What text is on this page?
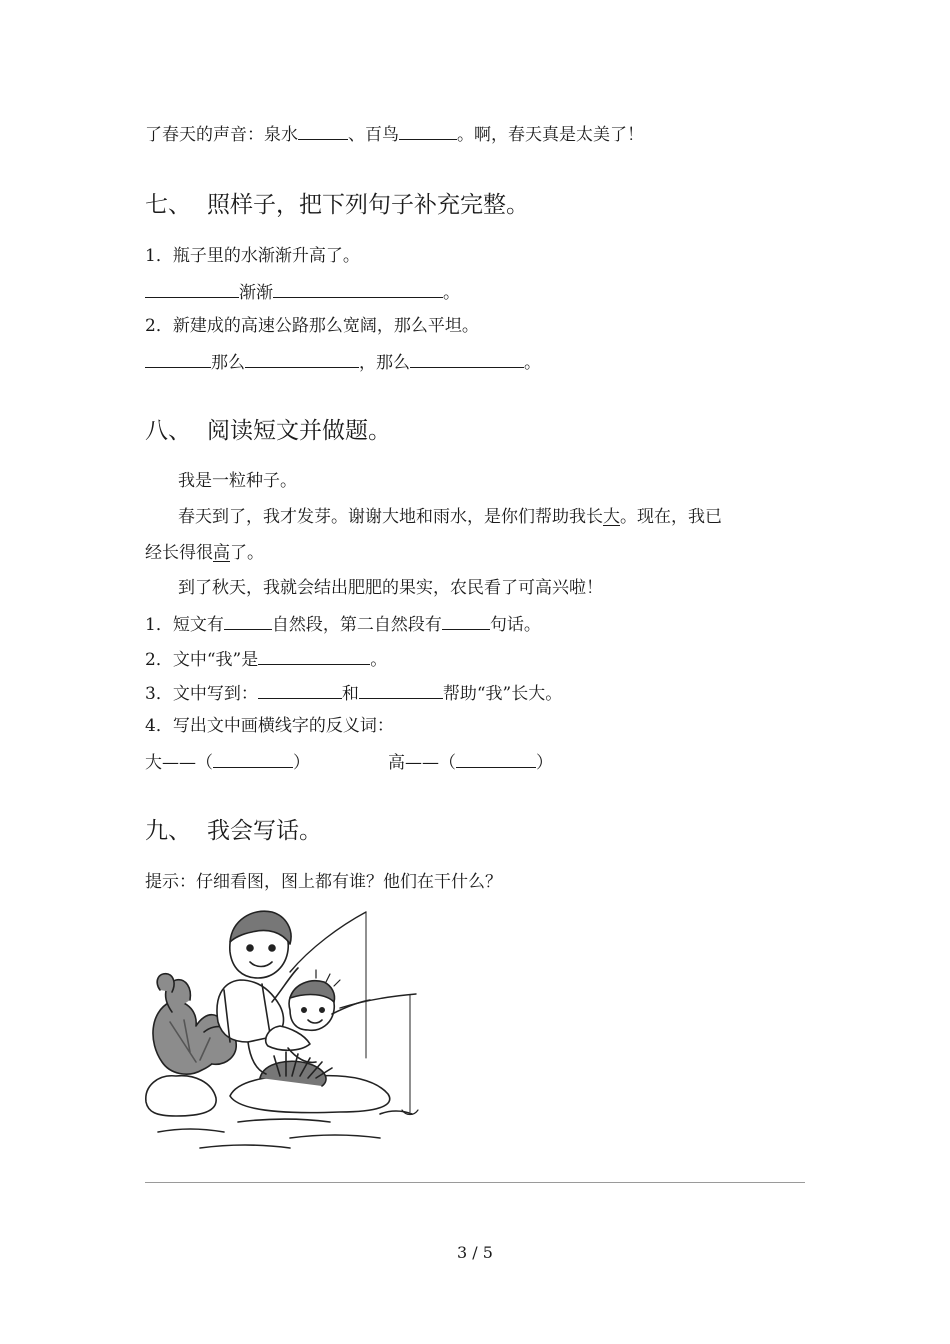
了春天的声音：泉水	、百鸟	。啊，春天真是太美了！
七、 照样子，把下列句子补充完整。
1．瓶子里的水渐渐升高了。
渐渐	。
2．新建成的高速公路那么宽阔，那么平坦。
那么	，那么	。
八、 阅读短文并做题。
我是一粒种子。
春天到了，我才发芽。谢谢大地和雨水，是你们帮助我长大。现在，我已
经长得很高了。
到了秋天，我就会结出肥肥的果实，农民看了可高兴啦！
1．短文有	自然段，第二自然段有	句话。
2．文中“我”是	。
3．文中写到：	和	帮助“我”长大。
4．写出文中画横线字的反义词：
大——（	）	高——（	）
九、 我会写话。
提示：仔细看图，图上都有谁？他们在干什么？
3 / 5
